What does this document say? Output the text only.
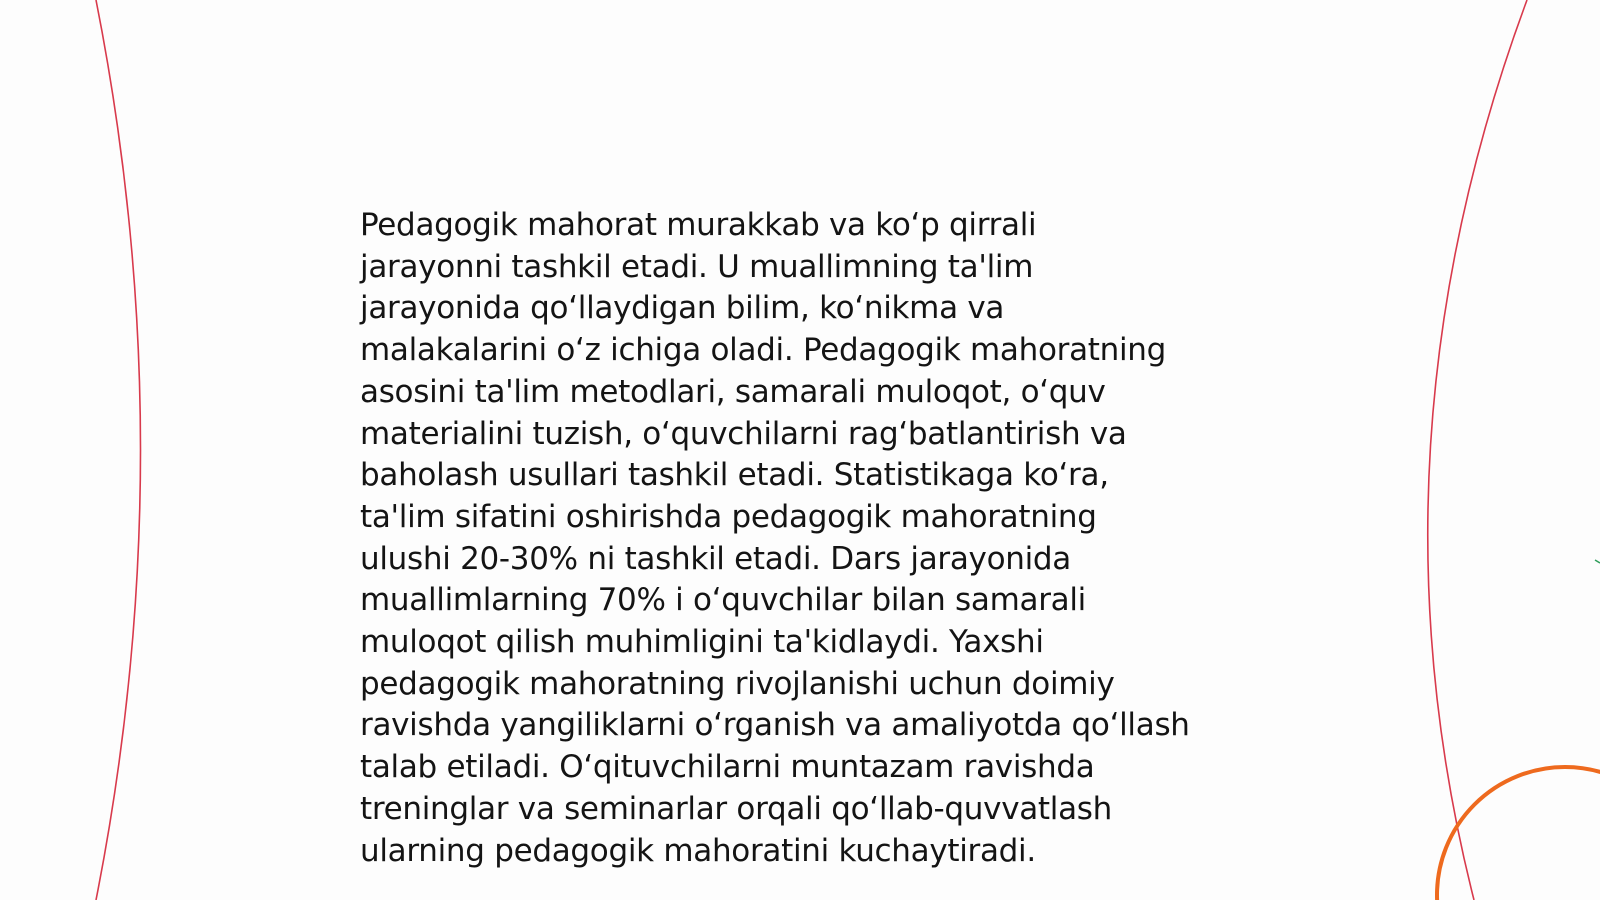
Pedagogik mahorat murakkab va ko‘p qirrali
jarayonni tashkil etadi. U muallimning ta'lim
jarayonida qo‘llaydigan bilim, ko‘nikma va
malakalarini o‘z ichiga oladi. Pedagogik mahoratning
asosini ta'lim metodlari, samarali muloqot, o‘quv
materialini tuzish, o‘quvchilarni rag‘batlantirish va
baholash usullari tashkil etadi. Statistikaga ko‘ra,
ta'lim sifatini oshirishda pedagogik mahoratning
ulushi 20-30% ni tashkil etadi. Dars jarayonida
muallimlarning 70% i o‘quvchilar bilan samarali
muloqot qilish muhimligini ta'kidlaydi. Yaxshi
pedagogik mahoratning rivojlanishi uchun doimiy
ravishda yangiliklarni o‘rganish va amaliyotda qo‘llash
talab etiladi. O‘qituvchilarni muntazam ravishda
treninglar va seminarlar orqali qo‘llab-quvvatlash
ularning pedagogik mahoratini kuchaytiradi.
